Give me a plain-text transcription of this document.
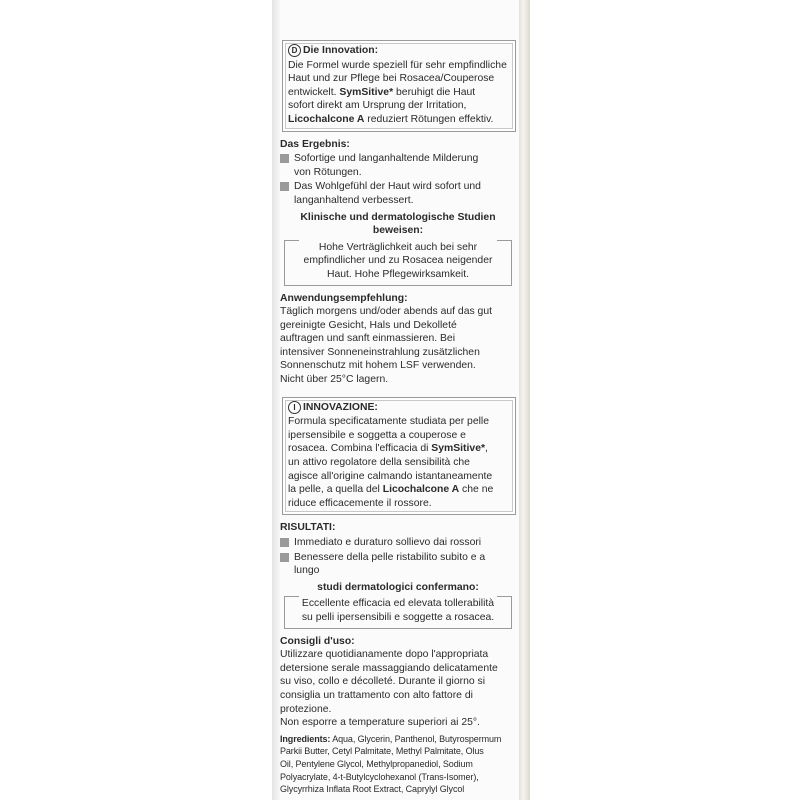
D Die Innovation:
Die Formel wurde speziell für sehr empfindliche
Haut und zur Pflege bei Rosacea/Couperose
entwickelt. SymSitive* beruhigt die Haut
sofort direkt am Ursprung der Irritation,
Licochalcone A reduziert Rötungen effektiv.
Das Ergebnis:
Sofortige und langanhaltende Milderung
von Rötungen.
Das Wohlgefühl der Haut wird sofort und
langanhaltend verbessert.
Klinische und dermatologische Studien
beweisen:
Hohe Verträglichkeit auch bei sehr
empfindlicher und zu Rosacea neigender
Haut. Hohe Pflegewirksamkeit.
Anwendungsempfehlung:
Täglich morgens und/oder abends auf das gut
gereinigte Gesicht, Hals und Dekolleté
auftragen und sanft einmassieren. Bei
intensiver Sonneneinstrahlung zusätzlichen
Sonnenschutz mit hohem LSF verwenden.
Nicht über 25°C lagern.
I INNOVAZIONE:
Formula specificatamente studiata per pelle
ipersensibile e soggetta a couperose e
rosacea. Combina l'efficacia di SymSitive*,
un attivo regolatore della sensibilità che
agisce all'origine calmando istantaneamente
la pelle, a quella del Licochalcone A che ne
riduce efficacemente il rossore.
RISULTATI:
Immediato e duraturo sollievo dai rossori
Benessere della pelle ristabilito subito e a
lungo
studi dermatologici confermano:
Eccellente efficacia ed elevata tollerabilità
su pelli ipersensibili e soggette a rosacea.
Consigli d'uso:
Utilizzare quotidianamente dopo l'appropriata
detersione serale massaggiando delicatamente
su viso, collo e décolleté. Durante il giorno si
consiglia un trattamento con alto fattore di
protezione.
Non esporre a temperature superiori ai 25°.
Ingredients: Aqua, Glycerin, Panthenol, Butyrospermum
Parkii Butter, Cetyl Palmitate, Methyl Palmitate, Olus
Oil, Pentylene Glycol, Methylpropanediol, Sodium
Polyacrylate, 4-t-Butylcyclohexanol (Trans-Isomer),
Glycyrrhiza Inflata Root Extract, Caprylyl Glycol
